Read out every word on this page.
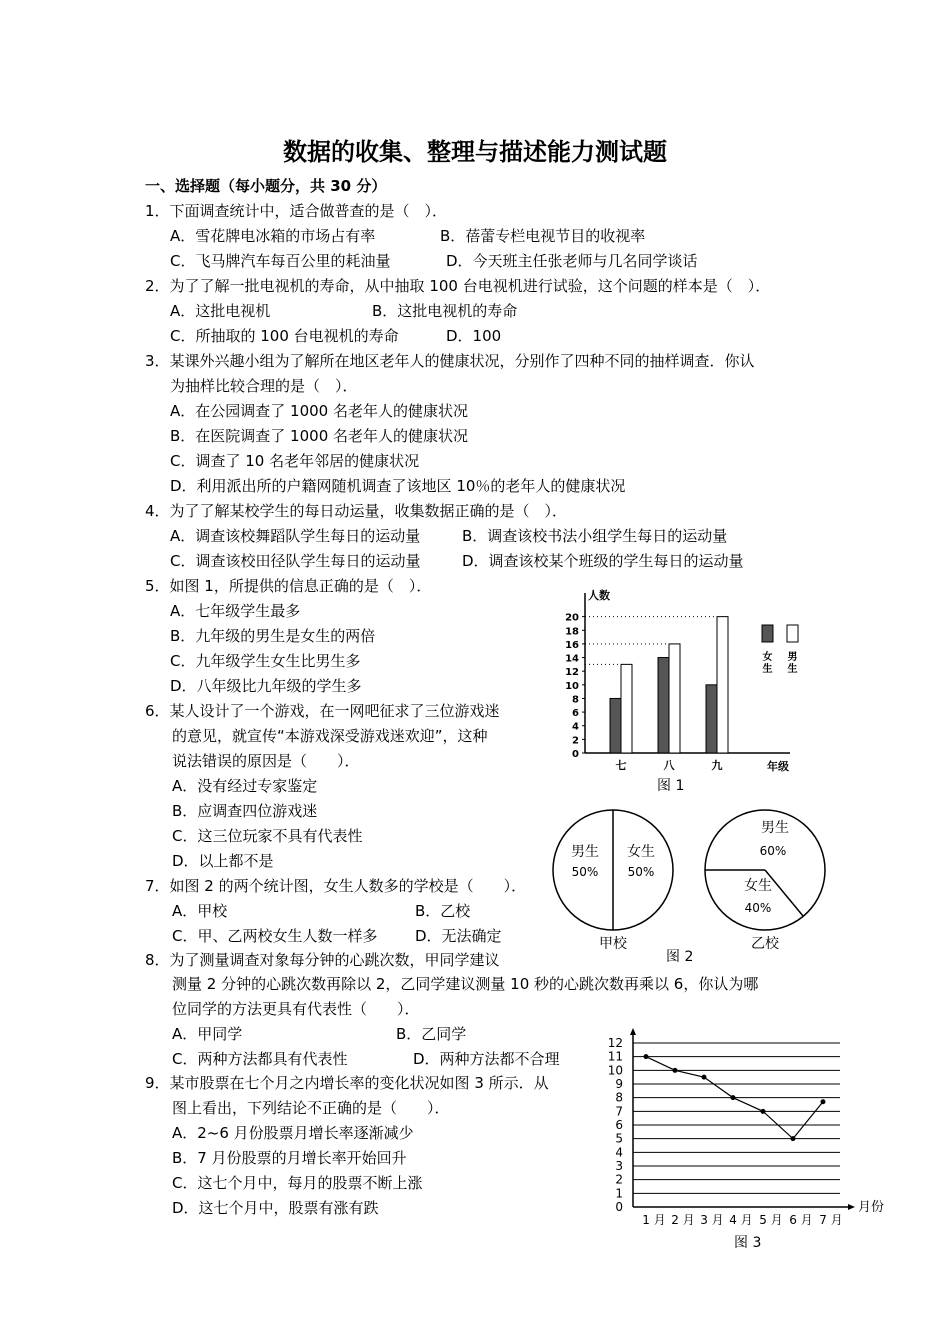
数据的收集、整理与描述能力测试题
一、选择题（每小题分，共 30 分）
1．下面调查统计中，适合做普查的是（　）．
A．雪花牌电冰箱的市场占有率	B．蓓蕾专栏电视节目的收视率
C．飞马牌汽车每百公里的耗油量	D．今天班主任张老师与几名同学谈话
2．为了了解一批电视机的寿命，从中抽取 100 台电视机进行试验，这个问题的样本是（　）．
A．这批电视机	B．这批电视机的寿命
C．所抽取的 100 台电视机的寿命	D．100
3．某课外兴趣小组为了解所在地区老年人的健康状况，分别作了四种不同的抽样调查．你认
为抽样比较合理的是（　）．
A．在公园调查了 1000 名老年人的健康状况
B．在医院调查了 1000 名老年人的健康状况
C．调查了 10 名老年邻居的健康状况
D．利用派出所的户籍网随机调查了该地区 10％的老年人的健康状况
4．为了了解某校学生的每日动运量，收集数据正确的是（　）．
A．调查该校舞蹈队学生每日的运动量	B．调查该校书法小组学生每日的运动量
C．调查该校田径队学生每日的运动量	D．调查该校某个班级的学生每日的运动量
5．如图 1，所提供的信息正确的是（　）．
A．七年级学生最多
B．九年级的男生是女生的两倍
C．九年级学生女生比男生多
D．八年级比九年级的学生多
6．某人设计了一个游戏，在一网吧征求了三位游戏迷
的意见，就宣传“本游戏深受游戏迷欢迎”，这种
说法错误的原因是（　　）．
A．没有经过专家鉴定
B．应调查四位游戏迷
C．这三位玩家不具有代表性
D．以上都不是
7．如图 2 的两个统计图，女生人数多的学校是（　　）．
A．甲校	B．乙校
C．甲、乙两校女生人数一样多	D．无法确定
8．为了测量调查对象每分钟的心跳次数，甲同学建议
测量 2 分钟的心跳次数再除以 2，乙同学建议测量 10 秒的心跳次数再乘以 6，你认为哪
位同学的方法更具有代表性（　　）．
A．甲同学	B．乙同学
C．两种方法都具有代表性	D．两种方法都不合理
9．某市股票在七个月之内增长率的变化状况如图 3 所示．从
图上看出，下列结论不正确的是（　　）．
A．2~6 月份股票月增长率逐渐减少
B．7 月份股票的月增长率开始回升
C．这七个月中，每月的股票不断上涨
D．这七个月中，股票有涨有跌
人数
年级
0
2
4
6
8
10
12
14
16
18
20
七	八	九
女
生
男
生
图 1
甲校
男生
50%
女生
50%
乙校
男生
60%
女生
40%
图 2
0
1
2
3
4
5
6
7
8
9
10
11
12
月份
1 月 2 月 3 月 4 月 5 月 6 月 7 月
图 3
